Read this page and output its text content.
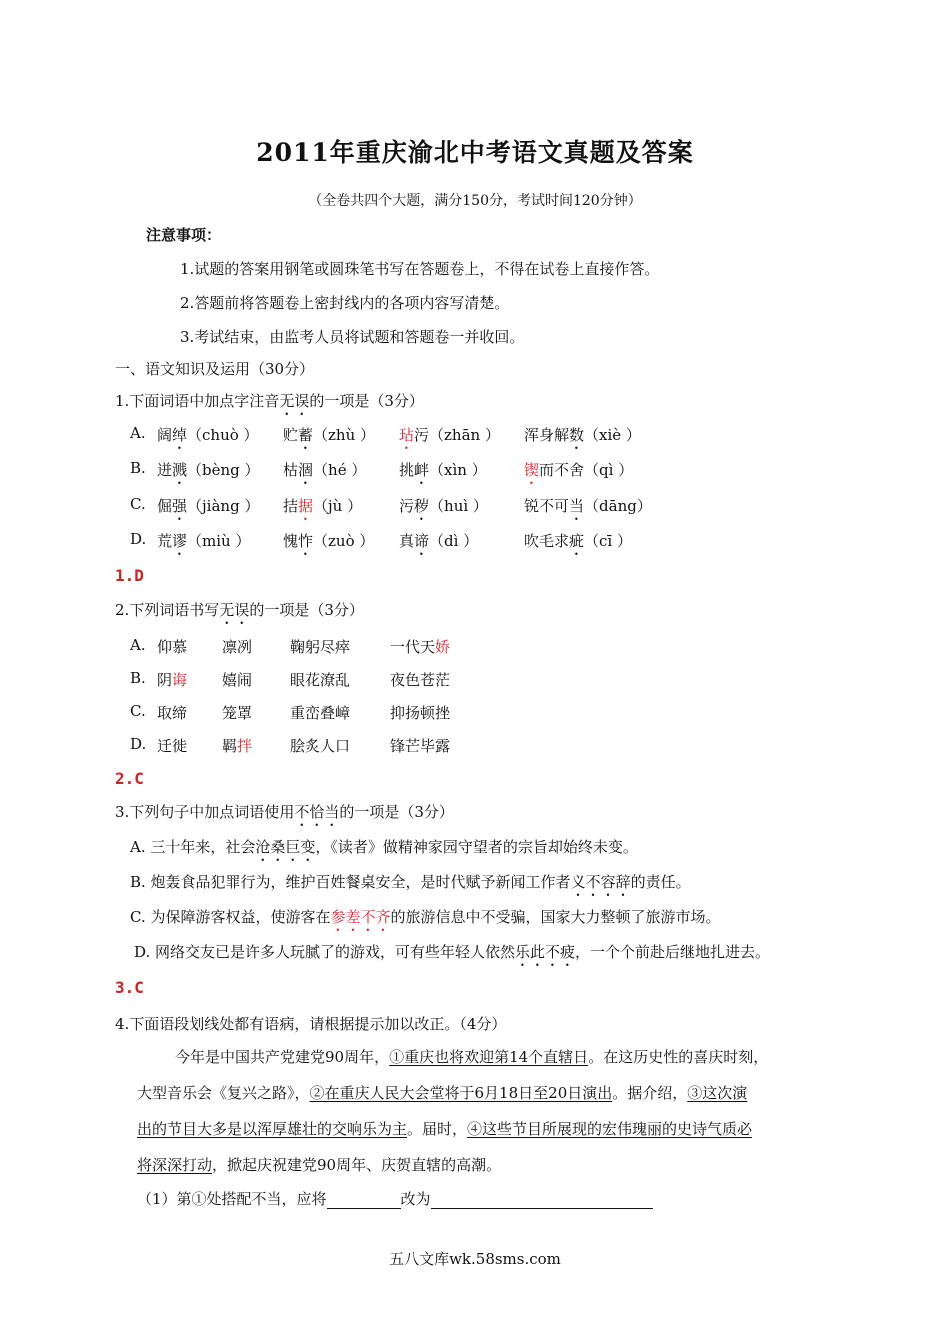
2011年重庆渝北中考语文真题及答案
（全卷共四个大题，满分150分，考试时间120分钟）
注意事项：
1.试题的答案用钢笔或圆珠笔书写在答题卷上，不得在试卷上直接作答。
2.答题前将答题卷上密封线内的各项内容写清楚。
3.考试结束，由监考人员将试题和答题卷一并收回。
一、语文知识及运用（30分）
1.下面词语中加点字注音无误的一项是（3分）
A. 阔绰（chuò ） 贮蓄（zhù ） 玷污（zhān ） 浑身解数（xiè ）
B. 迸溅（bèng ） 枯涸（hé ） 挑衅（xìn ） 锲而不舍（qì ）
C. 倔强（jiàng ） 拮据（jù ） 污秽（huì ） 锐不可当（dāng）
D. 荒谬（miù ） 愧怍（zuò ） 真谛（dì ）	吹毛求疵（cī ）
1.D
2.下列词语书写无误的一项是（3分）
A. 仰慕 凛冽	鞠躬尽瘁	一代天娇
B. 阴诲 嬉闹	眼花潦乱	夜色苍茫
C. 取缔 笼罩	重峦叠嶂	抑扬顿挫
D. 迁徙 羁拌	脍炙人口	锋芒毕露
2.C
3.下列句子中加点词语使用不恰当的一项是（3分）
A. 三十年来，社会沧桑巨变，《读者》做精神家园守望者的宗旨却始终未变。
B. 炮轰食品犯罪行为，维护百姓餐桌安全，是时代赋予新闻工作者义不容辞的责任。
C. 为保障游客权益，使游客在参差不齐的旅游信息中不受骗，国家大力整顿了旅游市场。
D. 网络交友已是许多人玩腻了的游戏，可有些年轻人依然乐此不疲，一个个前赴后继地扎进去。
3.C
4.下面语段划线处都有语病，请根据提示加以改正。（4分）
今年是中国共产党建党90周年，①重庆也将欢迎第14个直辖日。在这历史性的喜庆时刻，
大型音乐会《复兴之路》，②在重庆人民大会堂将于6月18日至20日演出。据介绍，③这次演
出的节目大多是以浑厚雄壮的交响乐为主。届时，④这些节目所展现的宏伟瑰丽的史诗气质必
将深深打动，掀起庆祝建党90周年、庆贺直辖的高潮。
（1）第①处搭配不当，应将	改为
五八文库wk.58sms.com
